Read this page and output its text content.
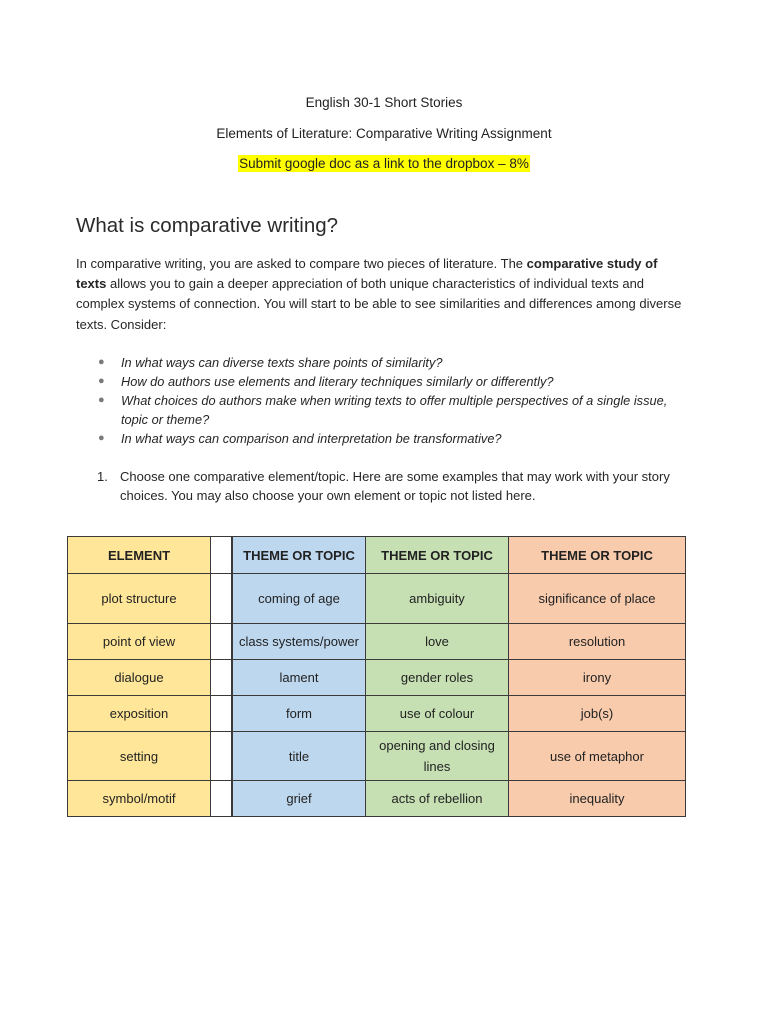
English 30-1 Short Stories
Elements of Literature: Comparative Writing Assignment
Submit google doc as a link to the dropbox – 8%
What is comparative writing?

In comparative writing, you are asked to compare two pieces of literature. The comparative study of texts allows you to gain a deeper appreciation of both unique characteristics of individual texts and complex systems of connection. You will start to be able to see similarities and differences among diverse texts. Consider:

● In what ways can diverse texts share points of similarity?
● How do authors use elements and literary techniques similarly or differently?
● What choices do authors make when writing texts to offer multiple perspectives of a single issue, topic or theme?
● In what ways can comparison and interpretation be transformative?
1. Choose one comparative element/topic. Here are some examples that may work with your story choices. You may also choose your own element or topic not listed here.
ELEMENT			THEME OR TOPIC	THEME OR TOPIC	THEME OR TOPIC
plot structure			coming of age	ambiguity	significance of place
point of view			class systems/power	love	resolution
dialogue			lament	gender roles	irony
exposition			form	use of colour	job(s)
setting			title	opening and closing lines	use of metaphor
symbol/motif			grief	acts of rebellion	inequality
